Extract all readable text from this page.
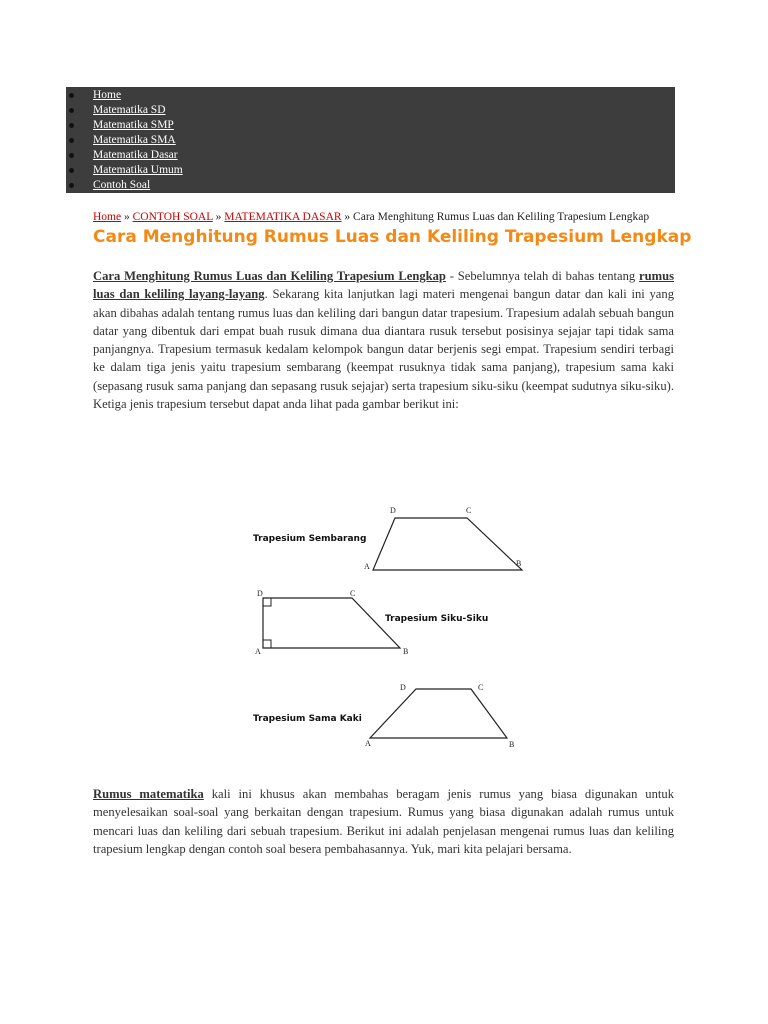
Home
Matematika SD
Matematika SMP
Matematika SMA
Matematika Dasar
Matematika Umum
Contoh Soal
Home » CONTOH SOAL » MATEMATIKA DASAR » Cara Menghitung Rumus Luas dan Keliling Trapesium Lengkap
Cara Menghitung Rumus Luas dan Keliling Trapesium Lengkap

Cara Menghitung Rumus Luas dan Keliling Trapesium Lengkap - Sebelumnya telah di bahas tentang rumus luas dan keliling layang-layang. Sekarang kita lanjutkan lagi materi mengenai bangun datar dan kali ini yang akan dibahas adalah tentang rumus luas dan keliling dari bangun datar trapesium. Trapesium adalah sebuah bangun datar yang dibentuk dari empat buah rusuk dimana dua diantara rusuk tersebut posisinya sejajar tapi tidak sama panjangnya. Trapesium termasuk kedalam kelompok bangun datar berjenis segi empat. Trapesium sendiri terbagi ke dalam tiga jenis yaitu trapesium sembarang (keempat rusuknya tidak sama panjang), trapesium sama kaki (sepasang rusuk sama panjang dan sepasang rusuk sejajar) serta trapesium siku-siku (keempat sudutnya siku-siku). Ketiga jenis trapesium tersebut dapat anda lihat pada gambar berikut ini:

Trapesium Sembarang
D	C
A	B
Trapesium Siku-Siku
D	C
A	B
Trapesium Sama Kaki
D	C
A	B

Rumus matematika kali ini khusus akan membahas beragam jenis rumus yang biasa digunakan untuk menyelesaikan soal-soal yang berkaitan dengan trapesium. Rumus yang biasa digunakan adalah rumus untuk mencari luas dan keliling dari sebuah trapesium. Berikut ini adalah penjelasan mengenai rumus luas dan keliling trapesium lengkap dengan contoh soal besera pembahasannya. Yuk, mari kita pelajari bersama.
